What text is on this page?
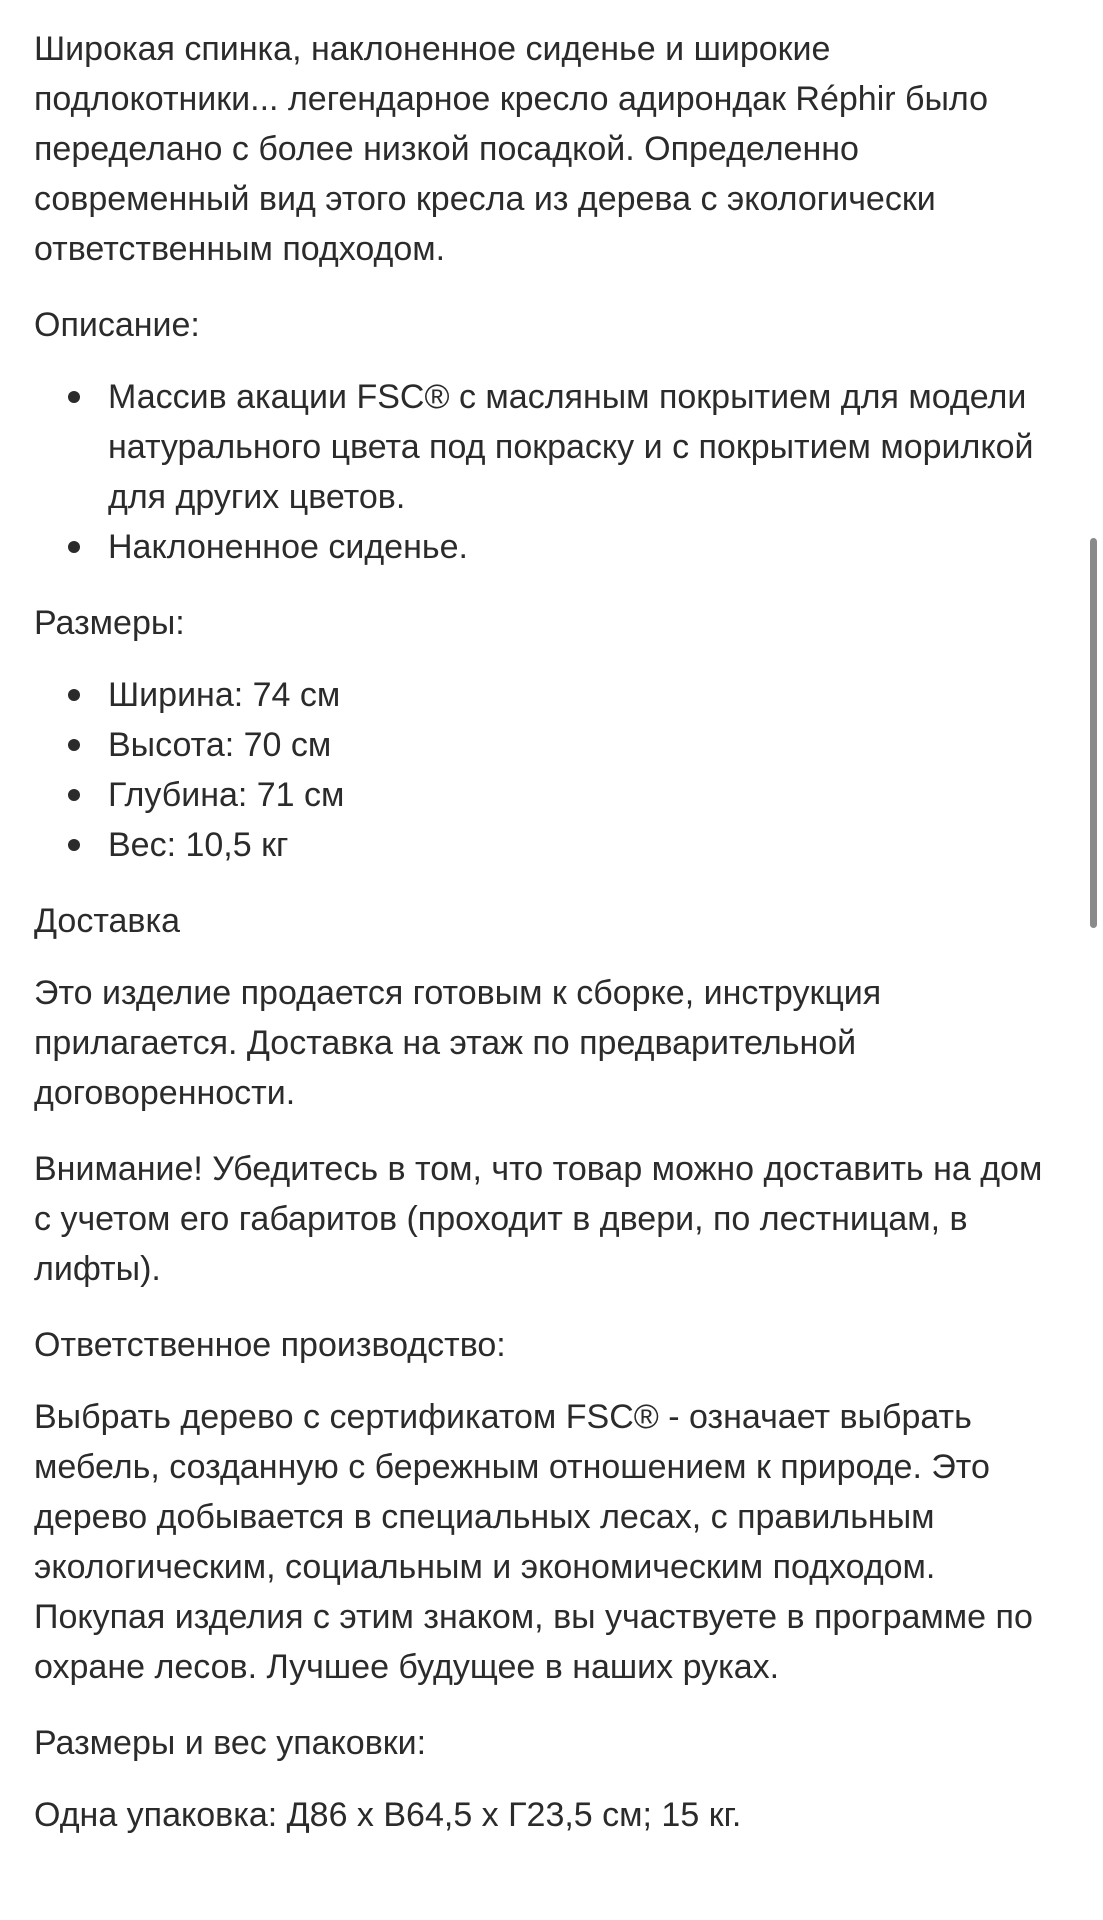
Широкая спинка, наклоненное сиденье и широкие подлокотники... легендарное кресло адирондак Réphir было переделано с более низкой посадкой. Определенно современный вид этого кресла из дерева с экологически ответственным подходом.

Описание:

Массив акации FSC® с масляным покрытием для модели натурального цвета под покраску и с покрытием морилкой для других цветов.
Наклоненное сиденье.

Размеры:

Ширина: 74 см
Высота: 70 см
Глубина: 71 см
Вес: 10,5 кг

Доставка

Это изделие продается готовым к сборке, инструкция прилагается. Доставка на этаж по предварительной договоренности.

Внимание! Убедитесь в том, что товар можно доставить на дом с учетом его габаритов (проходит в двери, по лестницам, в лифты).

Ответственное производство:

Выбрать дерево с сертификатом FSC® - означает выбрать мебель, созданную с бережным отношением к природе. Это дерево добывается в специальных лесах, с правильным экологическим, социальным и экономическим подходом. Покупая изделия с этим знаком, вы участвуете в программе по охране лесов. Лучшее будущее в наших руках.

Размеры и вес упаковки:

Одна упаковка: Д86 x В64,5 x Г23,5 см; 15 кг.
